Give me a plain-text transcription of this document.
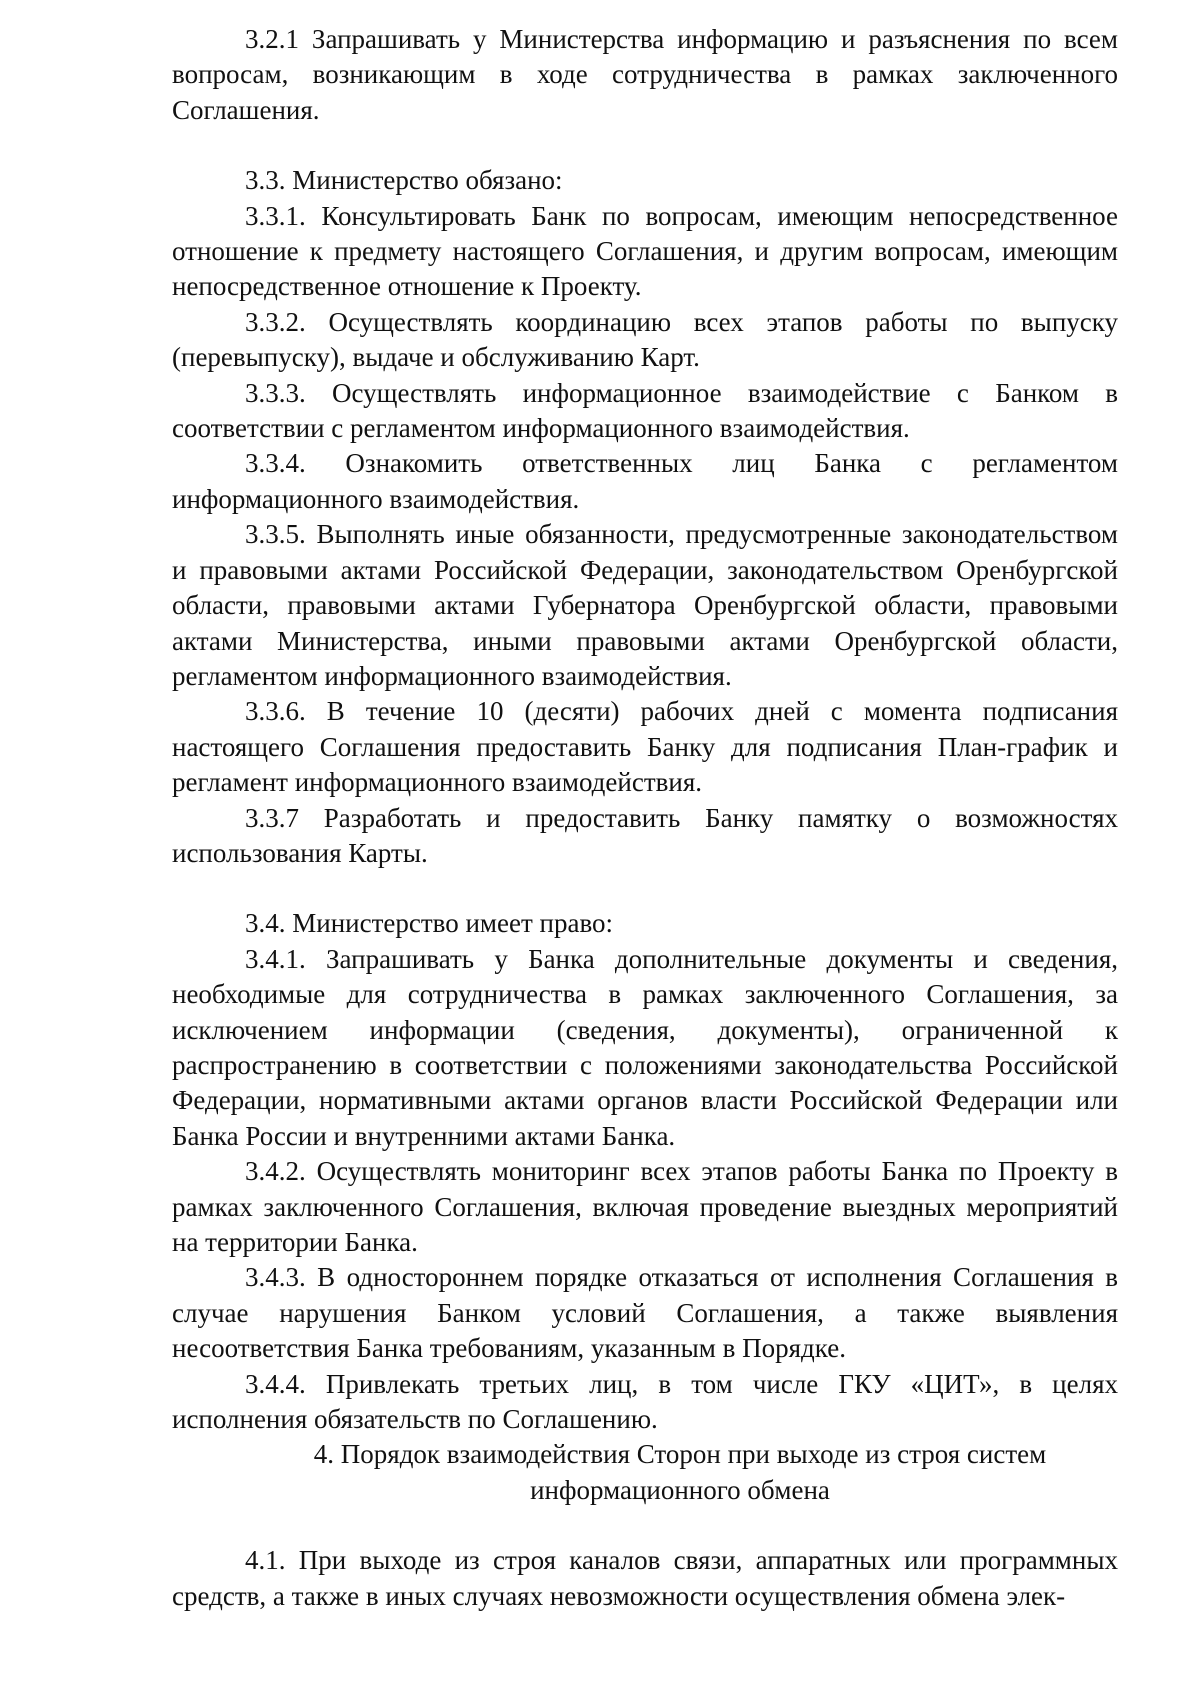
3.2.1 Запрашивать у Министерства информацию и разъяснения по всем вопросам, возникающим в ходе сотрудничества в рамках заключенного Соглашения.

3.3. Министерство обязано:

3.3.1. Консультировать Банк по вопросам, имеющим непосредственное отношение к предмету настоящего Соглашения, и другим вопросам, имеющим непосредственное отношение к Проекту.

3.3.2. Осуществлять координацию всех этапов работы по выпуску (перевыпуску), выдаче и обслуживанию Карт.

3.3.3. Осуществлять информационное взаимодействие с Банком в соответствии с регламентом информационного взаимодействия.

3.3.4. Ознакомить ответственных лиц Банка с регламентом информационного взаимодействия.

3.3.5. Выполнять иные обязанности, предусмотренные законодательством и правовыми актами Российской Федерации, законодательством Оренбургской области, правовыми актами Губернатора Оренбургской области, правовыми актами Министерства, иными правовыми актами Оренбургской области, регламентом информационного взаимодействия.

3.3.6. В течение 10 (десяти) рабочих дней с момента подписания настоящего Соглашения предоставить Банку для подписания План-график и регламент информационного взаимодействия.

3.3.7 Разработать и предоставить Банку памятку о возможностях использования Карты.

3.4. Министерство имеет право:

3.4.1. Запрашивать у Банка дополнительные документы и сведения, необходимые для сотрудничества в рамках заключенного Соглашения, за исключением информации (сведения, документы), ограниченной к распространению в соответствии с положениями законодательства Российской Федерации, нормативными актами органов власти Российской Федерации или Банка России и внутренними актами Банка.

3.4.2. Осуществлять мониторинг всех этапов работы Банка по Проекту в рамках заключенного Соглашения, включая проведение выездных мероприятий на территории Банка.

3.4.3. В одностороннем порядке отказаться от исполнения Соглашения в случае нарушения Банком условий Соглашения, а также выявления несоответствия Банка требованиям, указанным в Порядке.

3.4.4. Привлекать третьих лиц, в том числе ГКУ «ЦИТ», в целях исполнения обязательств по Соглашению.

4. Порядок взаимодействия Сторон при выходе из строя систем информационного обмена

4.1. При выходе из строя каналов связи, аппаратных или программных средств, а также в иных случаях невозможности осуществления обмена элек-
